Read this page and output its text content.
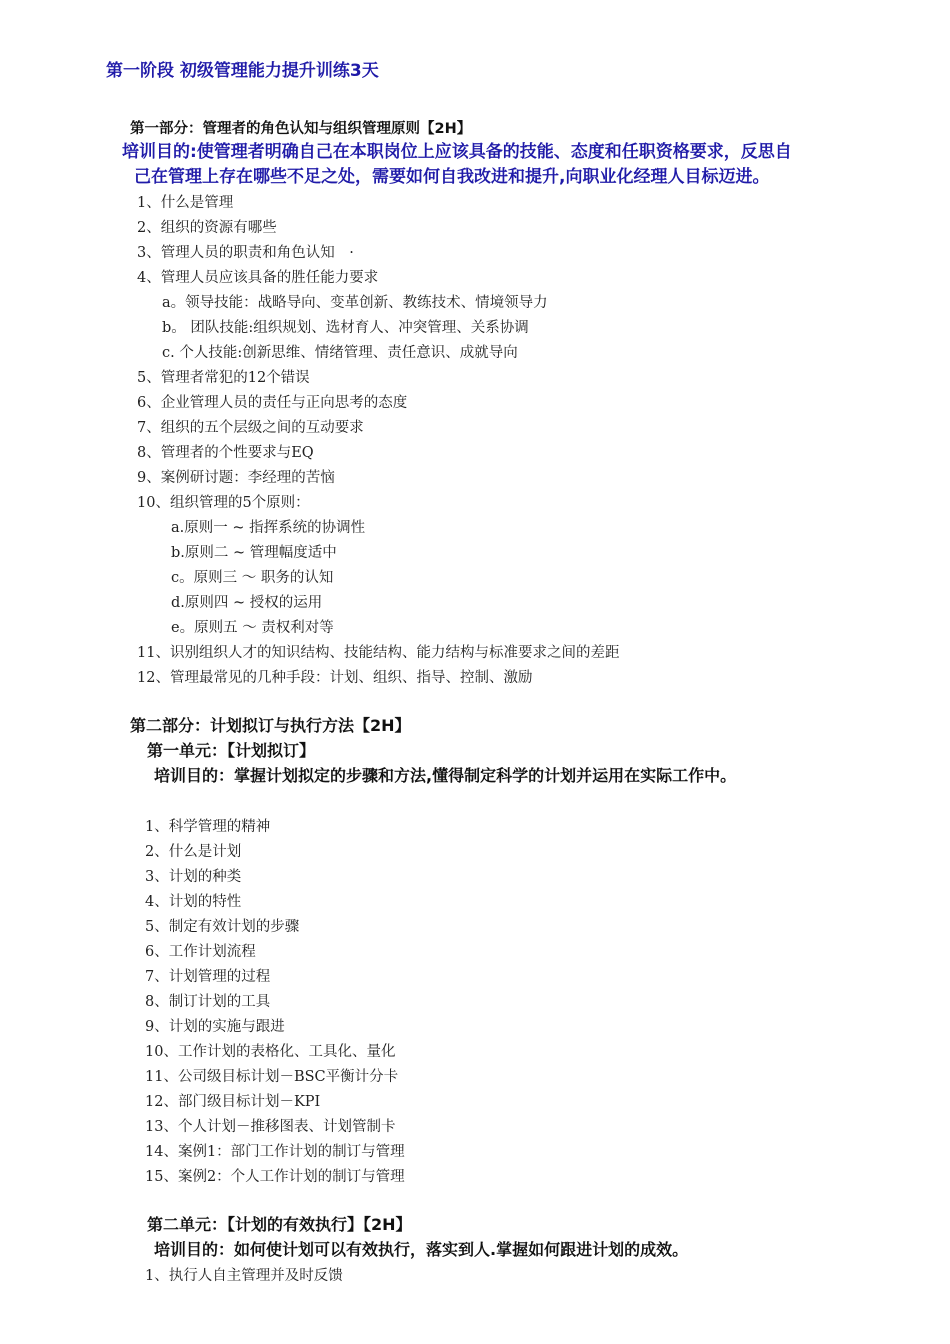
第一阶段 初级管理能力提升训练3天
第一部分：管理者的角色认知与组织管理原则【2H】
培训目的:使管理者明确自己在本职岗位上应该具备的技能、态度和任职资格要求，反思自
己在管理上存在哪些不足之处，需要如何自我改进和提升,向职业化经理人目标迈进。
1、什么是管理
2、组织的资源有哪些
3、管理人员的职责和角色认知　·
4、管理人员应该具备的胜任能力要求
a。领导技能：战略导向、变革创新、教练技术、情境领导力
b。 团队技能:组织规划、选材育人、冲突管理、关系协调
c. 个人技能:创新思维、情绪管理、责任意识、成就导向
5、管理者常犯的12个错误
6、企业管理人员的责任与正向思考的态度
7、组织的五个层级之间的互动要求
8、管理者的个性要求与EQ
9、案例研讨题：李经理的苦恼
10、组织管理的5个原则：
a.原则一 ~ 指挥系统的协调性
b.原则二 ~ 管理幅度适中
c。原则三 ～ 职务的认知
d.原则四 ~ 授权的运用
e。原则五 ～ 责权利对等
11、识别组织人才的知识结构、技能结构、能力结构与标准要求之间的差距
12、管理最常见的几种手段：计划、组织、指导、控制、激励
第二部分：计划拟订与执行方法【2H】
第一单元：【计划拟订】
培训目的：掌握计划拟定的步骤和方法,懂得制定科学的计划并运用在实际工作中。
1、科学管理的精神
2、什么是计划
3、计划的种类
4、计划的特性
5、制定有效计划的步骤
6、工作计划流程
7、计划管理的过程
8、制订计划的工具
9、计划的实施与跟进
10、工作计划的表格化、工具化、量化
11、公司级目标计划－BSC平衡计分卡
12、部门级目标计划－KPI
13、个人计划－推移图表、计划管制卡
14、案例1：部门工作计划的制订与管理
15、案例2：个人工作计划的制订与管理
第二单元：【计划的有效执行】【2H】
培训目的：如何使计划可以有效执行，落实到人.掌握如何跟进计划的成效。
1、执行人自主管理并及时反馈
